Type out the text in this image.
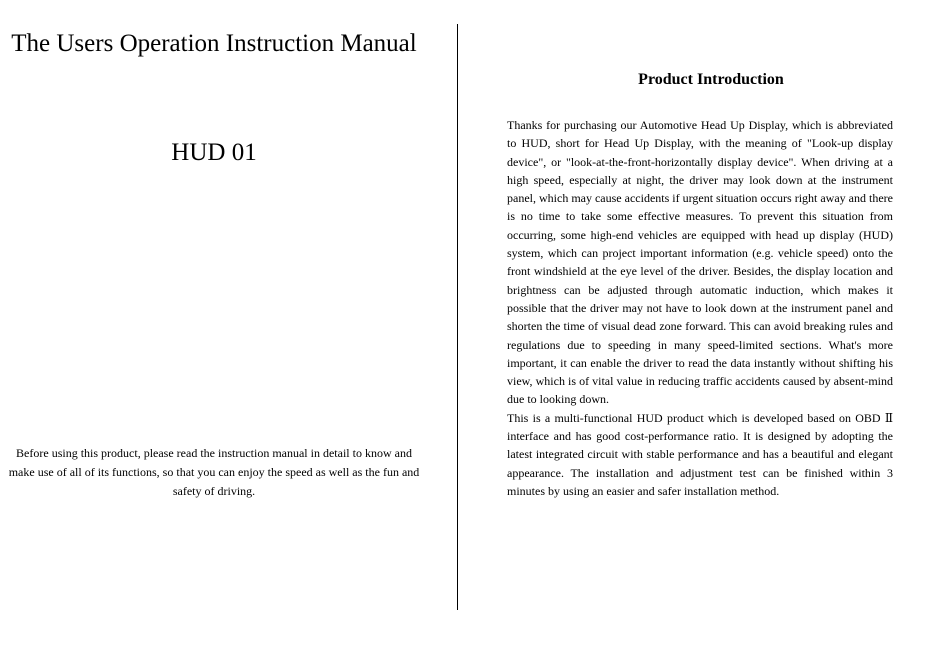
The Users Operation Instruction Manual
HUD 01

Before using this product, please read the instruction manual in detail to know and make use of all of its functions, so that you can enjoy the speed as well as the fun and safety of driving.

Product Introduction

Thanks for purchasing our Automotive Head Up Display, which is abbreviated to HUD, short for Head Up Display, with the meaning of "Look-up display device", or "look-at-the-front-horizontally display device". When driving at a high speed, especially at night, the driver may look down at the instrument panel, which may cause accidents if urgent situation occurs right away and there is no time to take some effective measures. To prevent this situation from occurring, some high-end vehicles are equipped with head up display (HUD) system, which can project important information (e.g. vehicle speed) onto the front windshield at the eye level of the driver. Besides, the display location and brightness can be adjusted through automatic induction, which makes it possible that the driver may not have to look down at the instrument panel and shorten the time of visual dead zone forward. This can avoid breaking rules and regulations due to speeding in many speed-limited sections. What's more important, it can enable the driver to read the data instantly without shifting his view, which is of vital value in reducing traffic accidents caused by absent-mind due to looking down.

This is a multi-functional HUD product which is developed based on OBD Ⅱ interface and has good cost-performance ratio. It is designed by adopting the latest integrated circuit with stable performance and has a beautiful and elegant appearance. The installation and adjustment test can be finished within 3 minutes by using an easier and safer installation method.
